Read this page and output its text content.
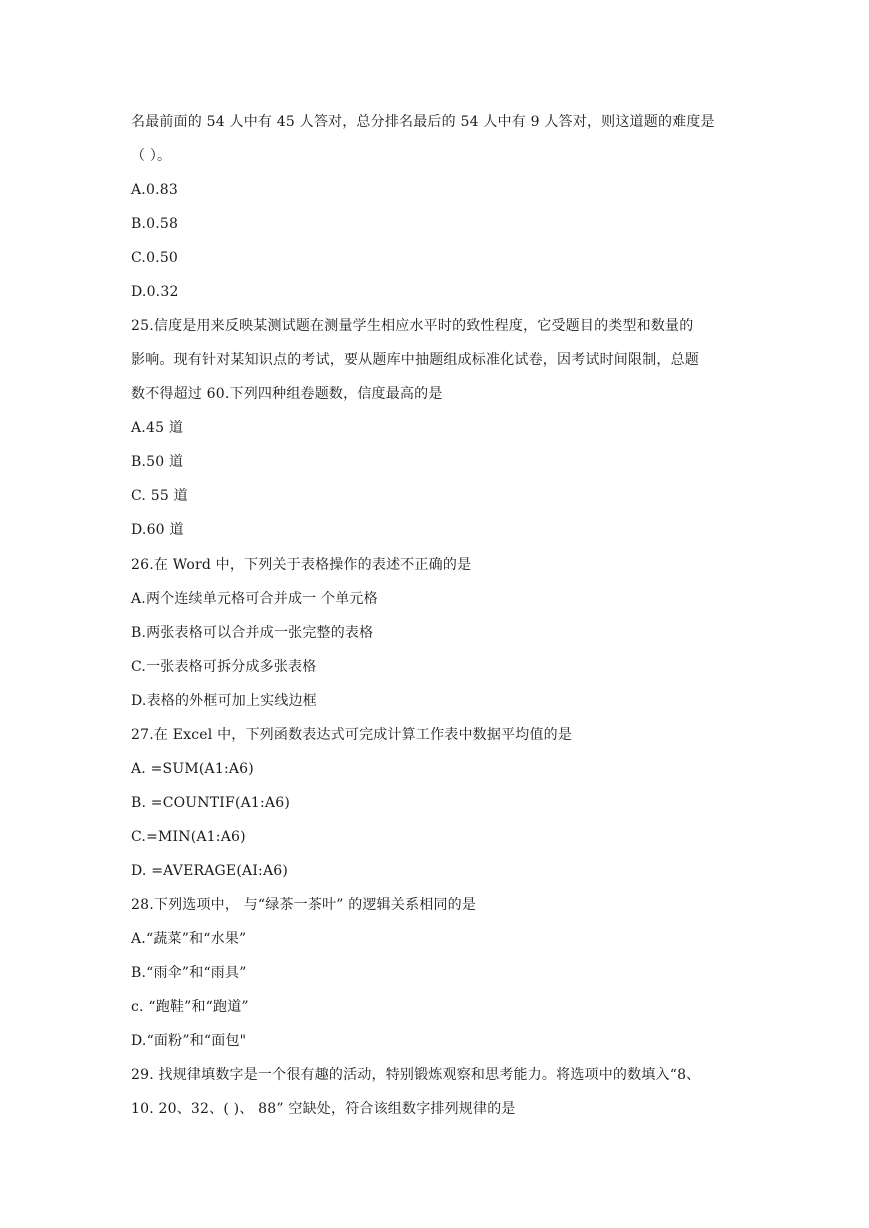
名最前面的 54 人中有 45 人答对，总分排名最后的 54 人中有 9 人答对，则这道题的难度是
（ ）。
A.0.83
B.0.58
C.0.50
D.0.32
25.信度是用来反映某测试题在测量学生相应水平时的致性程度，它受题目的类型和数量的
影响。现有针对某知识点的考试，要从题库中抽题组成标准化试卷，因考试时间限制，总题
数不得超过 60.下列四种组卷题数，信度最高的是
A.45 道
B.50 道
C. 55 道
D.60 道
26.在 Word 中，下列关于表格操作的表述不正确的是
A.两个连续单元格可合并成一 个单元格
B.两张表格可以合并成一张完整的表格
C.一张表格可拆分成多张表格
D.表格的外框可加上实线边框
27.在 Excel 中，下列函数表达式可完成计算工作表中数据平均值的是
A. =SUM(A1:A6)
B. =COUNTIF(A1:A6)
C.=MIN(A1:A6)
D. =AVERAGE(AI:A6)
28.下列选项中， 与“绿茶一茶叶” 的逻辑关系相同的是
A.“蔬菜”和“水果”
B.“雨伞”和“雨具”
c. “跑鞋”和“跑道”
D.“面粉”和“面包"
29. 找规律填数字是一个很有趣的活动，特别锻炼观察和思考能力。将选项中的数填入“8、
10. 20、32、( )、 88” 空缺处，符合该组数字排列规律的是
